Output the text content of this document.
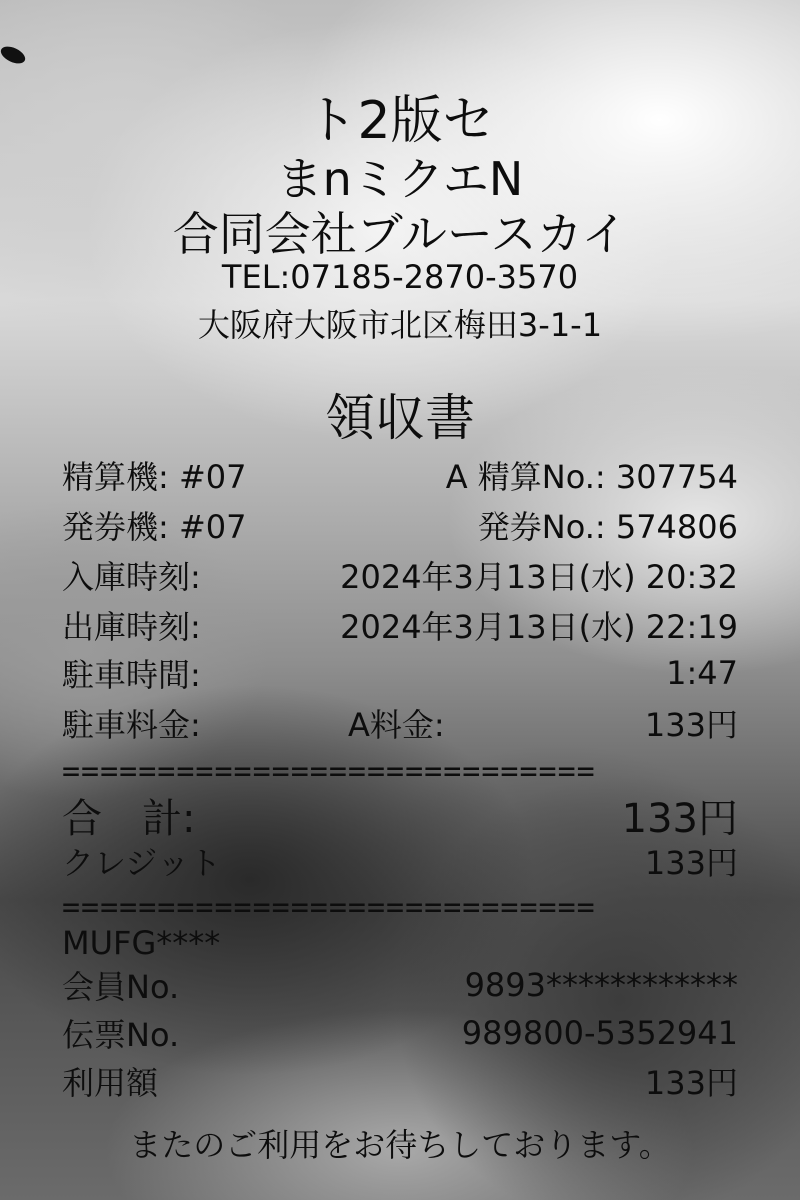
ト2版セ
まnミクエN
合同会社ブルースカイ
TEL:07185-2870-3570
大阪府大阪市北区梅田3-1-1
領収書
精算機: #07	A 精算No.: 307754
発券機: #07	発券No.: 574806
入庫時刻:	2024年3月13日(水) 20:32
出庫時刻:	2024年3月13日(水) 22:19
駐車時間:	1:47
駐車料金:	A料金:	133円
============================
合　計:	133円
クレジット	133円
============================
MUFG****
会員No.	9893************
伝票No.	989800-5352941
利用額	133円
またのご利用をお待ちしております。
